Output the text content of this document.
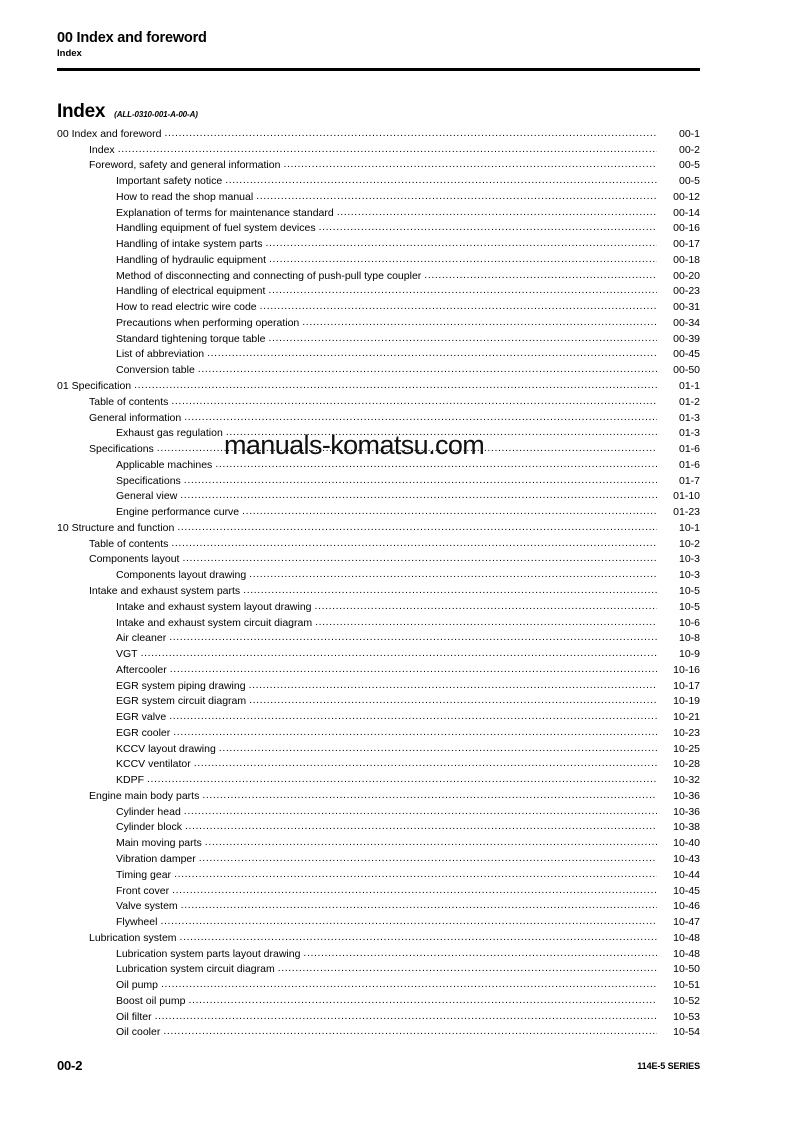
00 Index and foreword
Index
Index (ALL-0310-001-A-00-A)
00 Index and foreword .....	00-1
Index .....	00-2
Foreword, safety and general information .....	00-5
Important safety notice .....	00-5
How to read the shop manual .....	00-12
Explanation of terms for maintenance standard .....	00-14
Handling equipment of fuel system devices .....	00-16
Handling of intake system parts .....	00-17
Handling of hydraulic equipment .....	00-18
Method of disconnecting and connecting of push-pull type coupler .....	00-20
Handling of electrical equipment .....	00-23
How to read electric wire code .....	00-31
Precautions when performing operation .....	00-34
Standard tightening torque table .....	00-39
List of abbreviation .....	00-45
Conversion table .....	00-50
01 Specification .....	01-1
Table of contents .....	01-2
General information .....	01-3
Exhaust gas regulation .....	01-3
Specifications .....	01-6
Applicable machines .....	01-6
Specifications .....	01-7
General view .....	01-10
Engine performance curve .....	01-23
10 Structure and function .....	10-1
Table of contents .....	10-2
Components layout .....	10-3
Components layout drawing .....	10-3
Intake and exhaust system parts .....	10-5
Intake and exhaust system layout drawing .....	10-5
Intake and exhaust system circuit diagram .....	10-6
Air cleaner .....	10-8
VGT .....	10-9
Aftercooler .....	10-16
EGR system piping drawing .....	10-17
EGR system circuit diagram .....	10-19
EGR valve .....	10-21
EGR cooler .....	10-23
KCCV layout drawing .....	10-25
KCCV ventilator .....	10-28
KDPF .....	10-32
Engine main body parts .....	10-36
Cylinder head .....	10-36
Cylinder block .....	10-38
Main moving parts .....	10-40
Vibration damper .....	10-43
Timing gear .....	10-44
Front cover .....	10-45
Valve system .....	10-46
Flywheel .....	10-47
Lubrication system .....	10-48
Lubrication system parts layout drawing .....	10-48
Lubrication system circuit diagram .....	10-50
Oil pump .....	10-51
Boost oil pump .....	10-52
Oil filter .....	10-53
Oil cooler .....	10-54
manuals-komatsu.com
00-2	114E-5 SERIES
